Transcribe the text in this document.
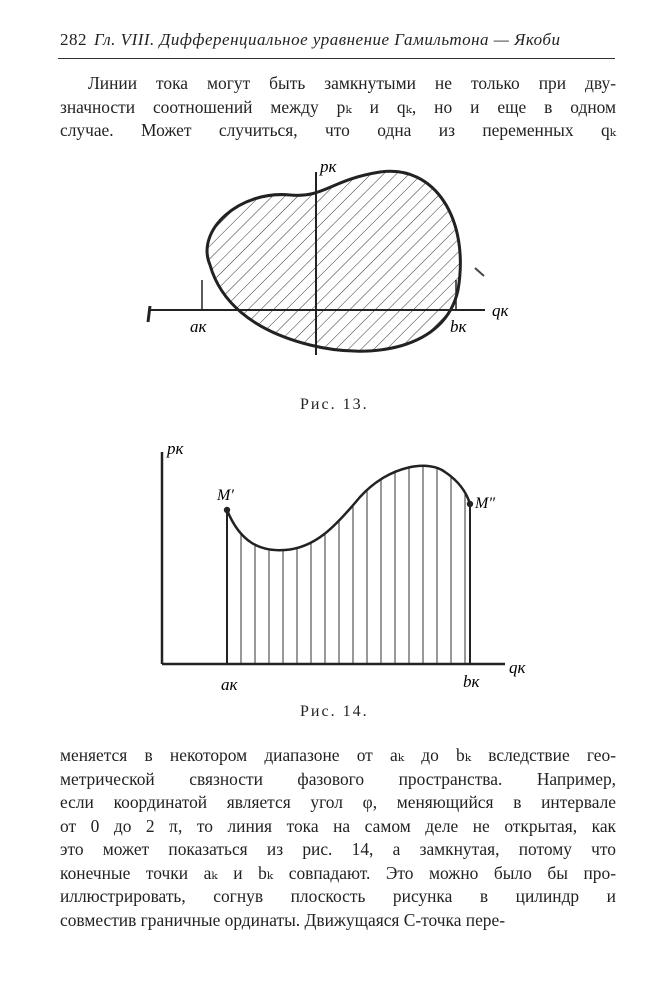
282 Гл. VIII. Дифференциальное уравнение Гамильтона — Якоби
Линии тока могут быть замкнутыми не только при дву-
значности соотношений между pₖ и qₖ, но и еще в одном
случае. Может случиться, что одна из переменных qₖ
pк
qк
aк	bк
Рис. 13.
pк
qк
aк	bк
M′	M″
Рис. 14.
меняется в некотором диапазоне от aₖ до bₖ вследствие гео-
метрической связности фазового пространства. Например,
если координатой является угол φ, меняющийся в интервале
от 0 до 2 π, то линия тока на самом деле не открытая, как
это может показаться из рис. 14, а замкнутая, потому что
конечные точки aₖ и bₖ совпадают. Это можно было бы про-
иллюстрировать, согнув плоскость рисунка в цилиндр и
совместив граничные ординаты. Движущаяся C-точка пере-
